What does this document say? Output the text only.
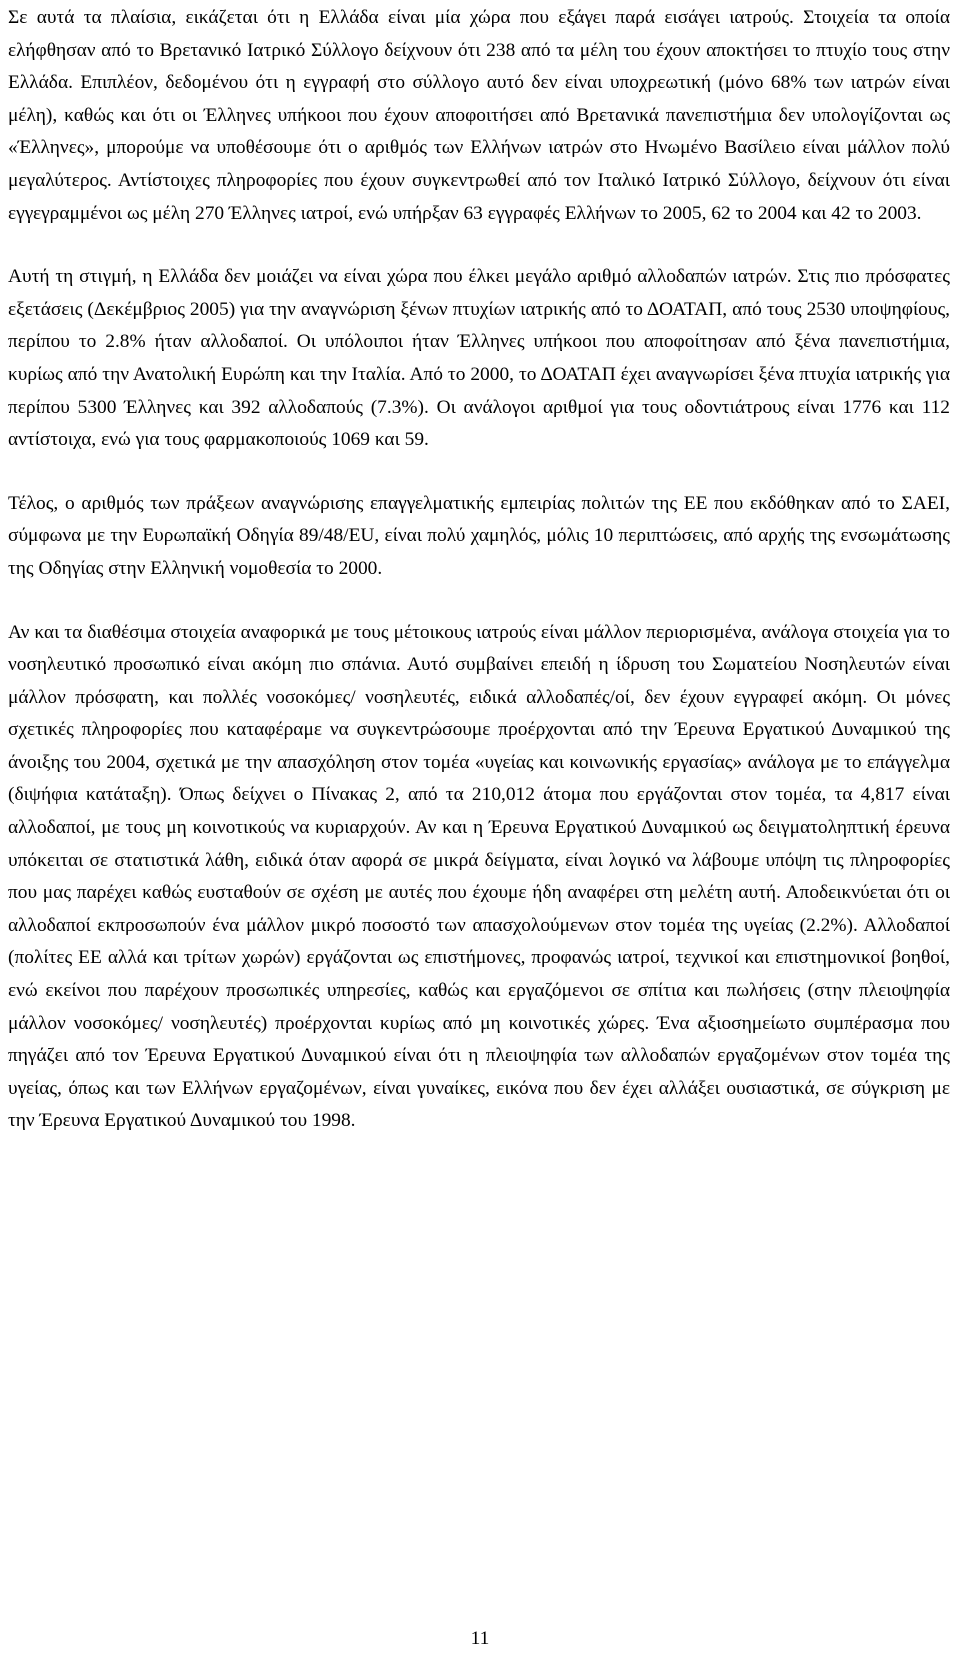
Σε αυτά τα πλαίσια, εικάζεται ότι η Ελλάδα είναι μία χώρα που εξάγει παρά εισάγει ιατρούς. Στοιχεία τα οποία ελήφθησαν από το Βρετανικό Ιατρικό Σύλλογο δείχνουν ότι 238 από τα μέλη του έχουν αποκτήσει το πτυχίο τους στην Ελλάδα. Επιπλέον, δεδομένου ότι η εγγραφή στο σύλλογο αυτό δεν είναι υποχρεωτική (μόνο 68% των ιατρών είναι μέλη), καθώς και ότι οι Έλληνες υπήκοοι που έχουν αποφοιτήσει από Βρετανικά πανεπιστήμια δεν υπολογίζονται ως «Έλληνες», μπορούμε να υποθέσουμε ότι ο αριθμός των Ελλήνων ιατρών στο Ηνωμένο Βασίλειο είναι μάλλον πολύ μεγαλύτερος. Αντίστοιχες πληροφορίες που έχουν συγκεντρωθεί από τον Ιταλικό Ιατρικό Σύλλογο, δείχνουν ότι είναι εγγεγραμμένοι ως μέλη 270 Έλληνες ιατροί, ενώ υπήρξαν 63 εγγραφές Ελλήνων το 2005, 62 το 2004 και 42 το 2003.

Αυτή τη στιγμή, η Ελλάδα δεν μοιάζει να είναι χώρα που έλκει μεγάλο αριθμό αλλοδαπών ιατρών. Στις πιο πρόσφατες εξετάσεις (Δεκέμβριος 2005) για την αναγνώριση ξένων πτυχίων ιατρικής από το ΔΟΑΤΑΠ, από τους 2530 υποψηφίους, περίπου το 2.8% ήταν αλλοδαποί. Οι υπόλοιποι ήταν Έλληνες υπήκοοι που αποφοίτησαν από ξένα πανεπιστήμια, κυρίως από την Ανατολική Ευρώπη και την Ιταλία. Από το 2000, το ΔΟΑΤΑΠ έχει αναγνωρίσει ξένα πτυχία ιατρικής για περίπου 5300 Έλληνες και 392 αλλοδαπούς (7.3%). Οι ανάλογοι αριθμοί για τους οδοντιάτρους είναι 1776 και 112 αντίστοιχα, ενώ για τους φαρμακοποιούς 1069 και 59.

Τέλος, ο αριθμός των πράξεων αναγνώρισης επαγγελματικής εμπειρίας πολιτών της ΕΕ που εκδόθηκαν από το ΣΑΕΙ, σύμφωνα με την Ευρωπαϊκή Οδηγία 89/48/EU, είναι πολύ χαμηλός, μόλις 10 περιπτώσεις, από αρχής της ενσωμάτωσης της Οδηγίας στην Ελληνική νομοθεσία το 2000.

Αν και τα διαθέσιμα στοιχεία αναφορικά με τους μέτοικους ιατρούς είναι μάλλον περιορισμένα, ανάλογα στοιχεία για το νοσηλευτικό προσωπικό είναι ακόμη πιο σπάνια. Αυτό συμβαίνει επειδή η ίδρυση του Σωματείου Νοσηλευτών είναι μάλλον πρόσφατη, και πολλές νοσοκόμες/ νοσηλευτές, ειδικά αλλοδαπές/οί, δεν έχουν εγγραφεί ακόμη. Οι μόνες σχετικές πληροφορίες που καταφέραμε να συγκεντρώσουμε προέρχονται από την Έρευνα Εργατικού Δυναμικού της άνοιξης του 2004, σχετικά με την απασχόληση στον τομέα «υγείας και κοινωνικής εργασίας» ανάλογα με το επάγγελμα (διψήφια κατάταξη). Όπως δείχνει ο Πίνακας 2, από τα 210,012 άτομα που εργάζονται στον τομέα, τα 4,817 είναι αλλοδαποί, με τους μη κοινοτικούς να κυριαρχούν. Αν και η Έρευνα Εργατικού Δυναμικού ως δειγματοληπτική έρευνα υπόκειται σε στατιστικά λάθη, ειδικά όταν αφορά σε μικρά δείγματα, είναι λογικό να λάβουμε υπόψη τις πληροφορίες που μας παρέχει καθώς ευσταθούν σε σχέση με αυτές που έχουμε ήδη αναφέρει στη μελέτη αυτή. Αποδεικνύεται ότι οι αλλοδαποί εκπροσωπούν ένα μάλλον μικρό ποσοστό των απασχολούμενων στον τομέα της υγείας (2.2%). Αλλοδαποί (πολίτες ΕΕ αλλά και τρίτων χωρών) εργάζονται ως επιστήμονες, προφανώς ιατροί, τεχνικοί και επιστημονικοί βοηθοί, ενώ εκείνοι που παρέχουν προσωπικές υπηρεσίες, καθώς και εργαζόμενοι σε σπίτια και πωλήσεις (στην πλειοψηφία μάλλον νοσοκόμες/ νοσηλευτές) προέρχονται κυρίως από μη κοινοτικές χώρες. Ένα αξιοσημείωτο συμπέρασμα που πηγάζει από τον Έρευνα Εργατικού Δυναμικού είναι ότι η πλειοψηφία των αλλοδαπών εργαζομένων στον τομέα της υγείας, όπως και των Ελλήνων εργαζομένων, είναι γυναίκες, εικόνα που δεν έχει αλλάξει ουσιαστικά, σε σύγκριση με την Έρευνα Εργατικού Δυναμικού του 1998.

11
